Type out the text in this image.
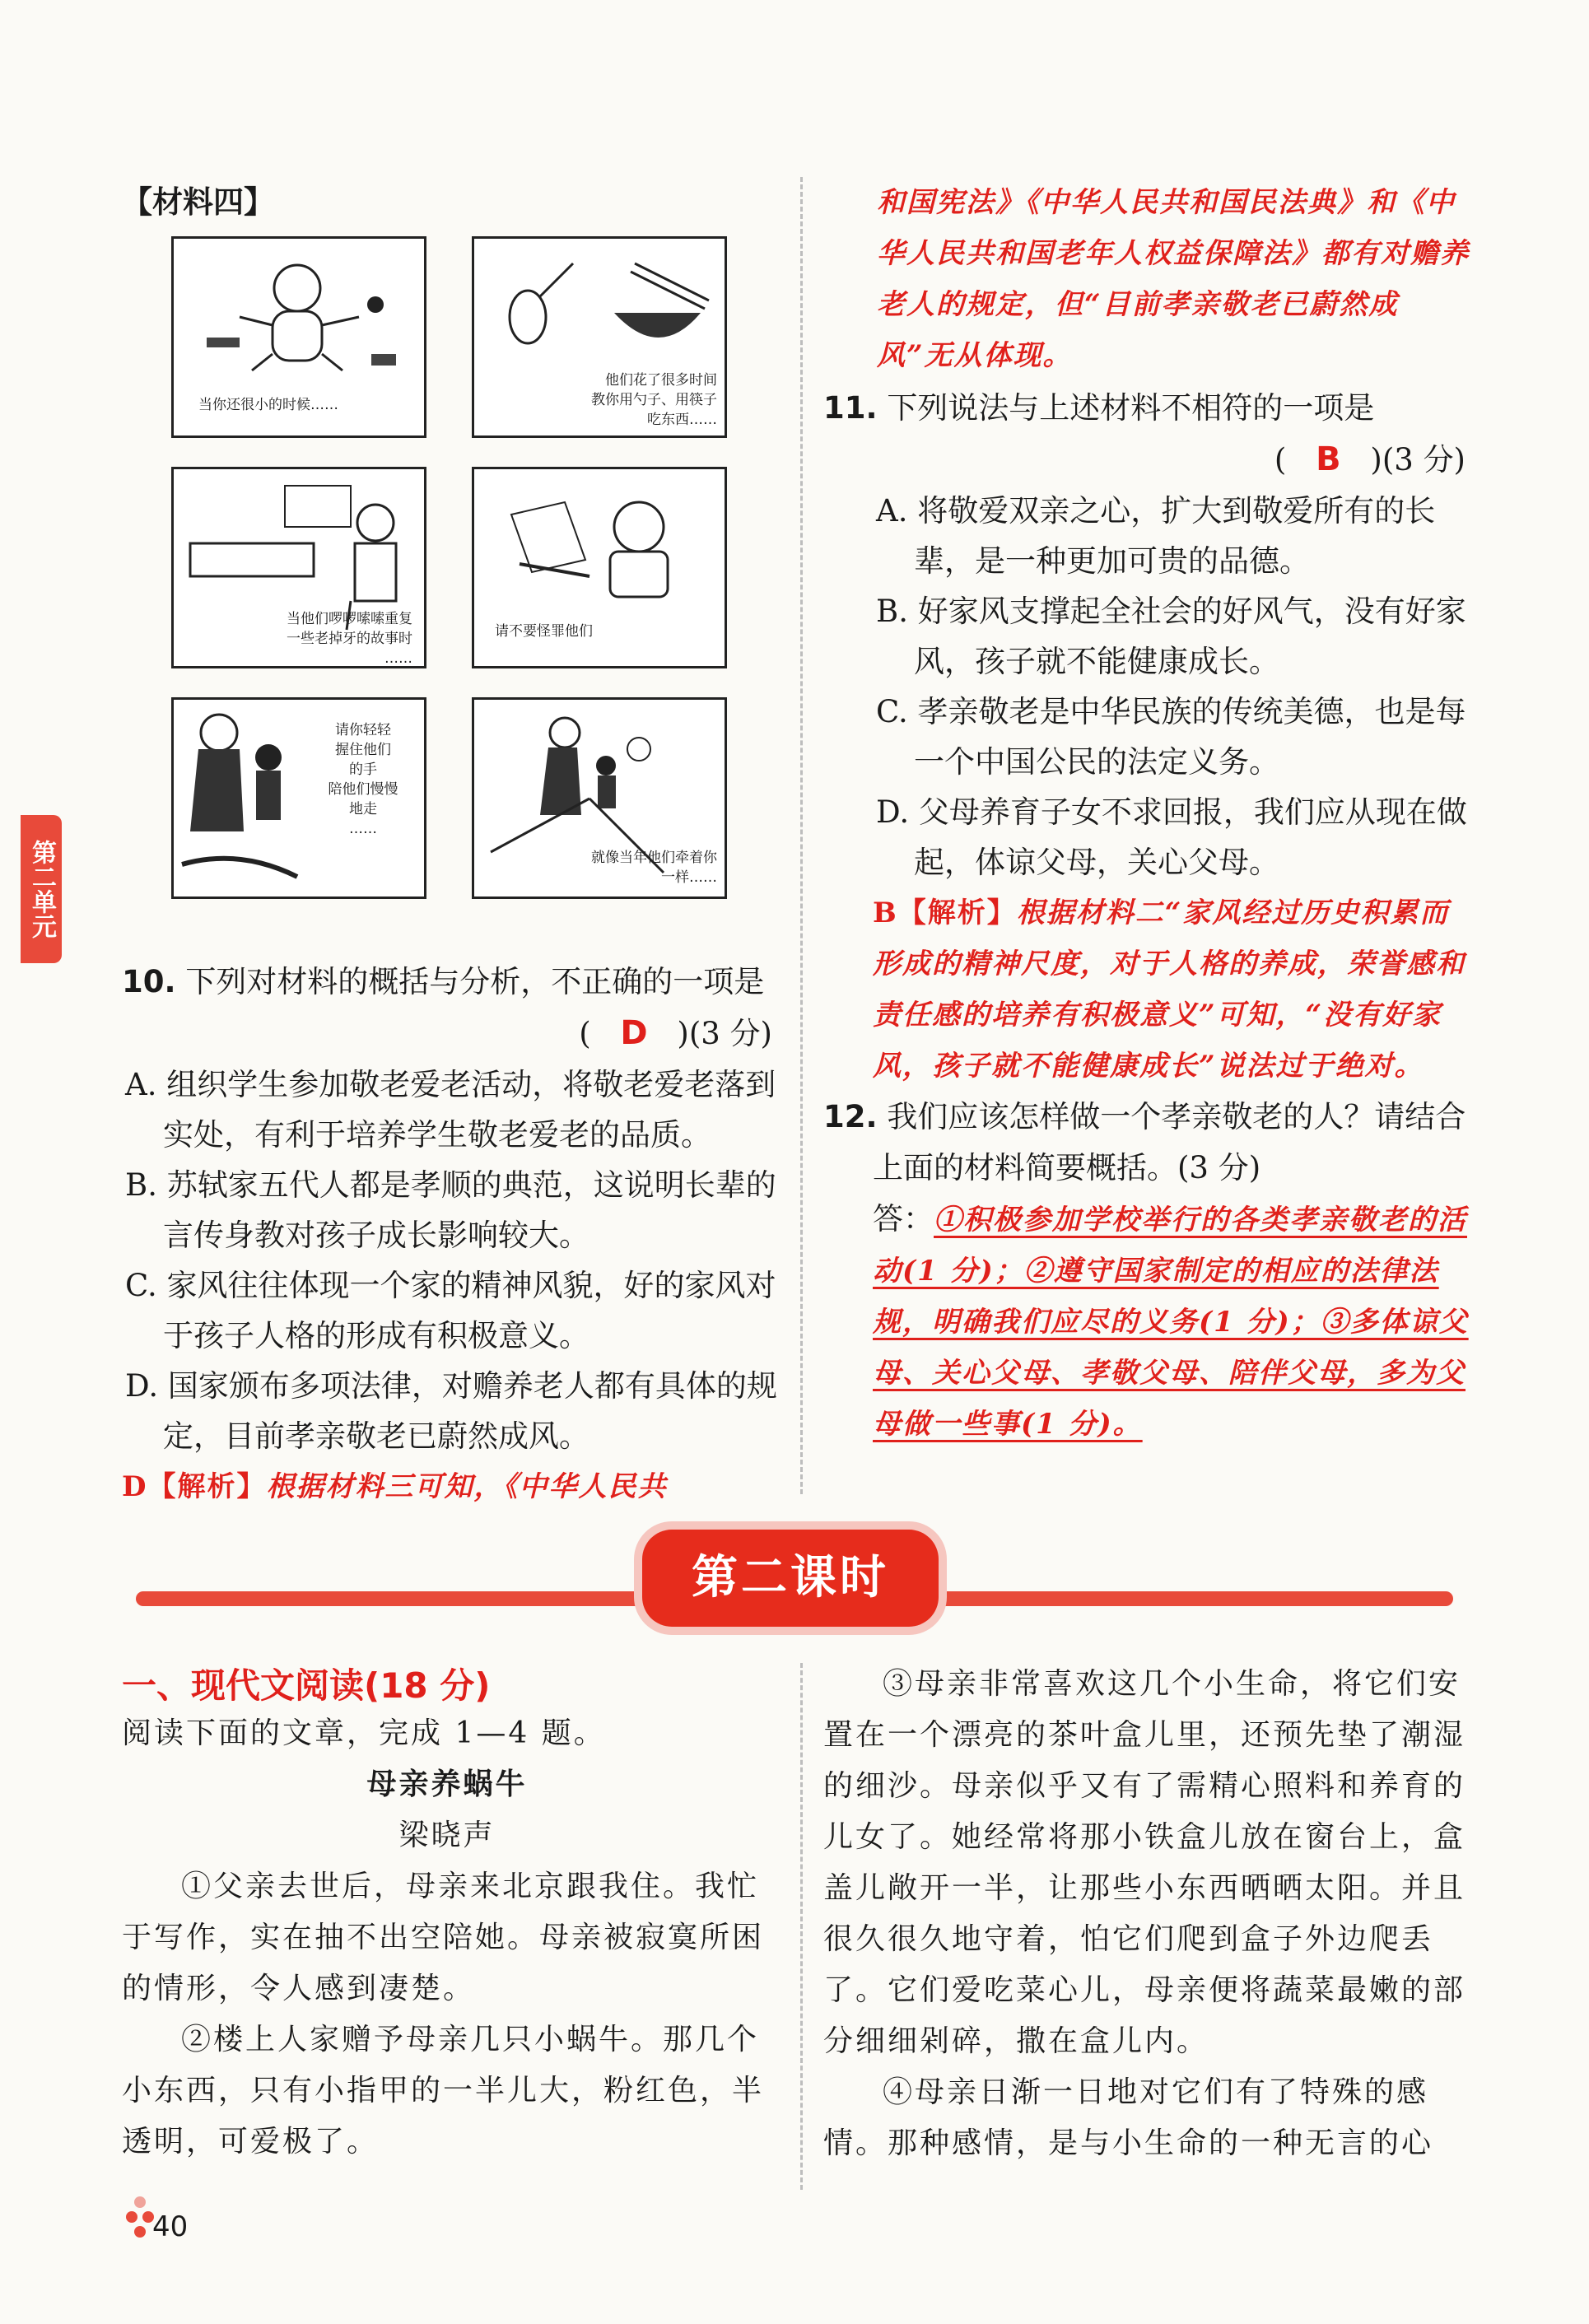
第二单元
【材料四】
当你还很小的时候……
他们花了很多时间
教你用勺子、用筷子
吃东西……
当他们啰啰嗦嗦重复
一些老掉牙的故事时
……
请不要怪罪他们
请你轻轻
握住他们
的手
陪他们慢慢
地走
……
就像当年他们牵着你
一样……
10. 下列对材料的概括与分析，不正确的一项是
( D )(3 分)
A. 组织学生参加敬老爱老活动，将敬老爱老落到实处，有利于培养学生敬老爱老的品质。
B. 苏轼家五代人都是孝顺的典范，这说明长辈的言传身教对孩子成长影响较大。
C. 家风往往体现一个家的精神风貌，好的家风对于孩子人格的形成有积极意义。
D. 国家颁布多项法律，对赡养老人都有具体的规定，目前孝亲敬老已蔚然成风。
D【解析】根据材料三可知，《中华人民共
和国宪法》《中华人民共和国民法典》和《中华人民共和国老年人权益保障法》都有对赡养老人的规定，但“目前孝亲敬老已蔚然成风”无从体现。
11. 下列说法与上述材料不相符的一项是
( B )(3 分)
A. 将敬爱双亲之心，扩大到敬爱所有的长辈，是一种更加可贵的品德。
B. 好家风支撑起全社会的好风气，没有好家风，孩子就不能健康成长。
C. 孝亲敬老是中华民族的传统美德，也是每一个中国公民的法定义务。
D. 父母养育子女不求回报，我们应从现在做起，体谅父母，关心父母。
B【解析】根据材料二“家风经过历史积累而形成的精神尺度，对于人格的养成，荣誉感和责任感的培养有积极意义”可知，“没有好家风，孩子就不能健康成长”说法过于绝对。
12. 我们应该怎样做一个孝亲敬老的人？请结合上面的材料简要概括。(3 分)
答：①积极参加学校举行的各类孝亲敬老的活动(1 分)；②遵守国家制定的相应的法律法规，明确我们应尽的义务(1 分)；③多体谅父母、关心父母、孝敬父母、陪伴父母，多为父母做一些事(1 分)。
第二课时
一、现代文阅读(18 分)
阅读下面的文章，完成 1—4 题。
母亲养蜗牛
梁晓声
①父亲去世后，母亲来北京跟我住。我忙于写作，实在抽不出空陪她。母亲被寂寞所困的情形，令人感到凄楚。
②楼上人家赠予母亲几只小蜗牛。那几个小东西，只有小指甲的一半儿大，粉红色，半透明，可爱极了。
③母亲非常喜欢这几个小生命，将它们安置在一个漂亮的茶叶盒儿里，还预先垫了潮湿的细沙。母亲似乎又有了需精心照料和养育的儿女了。她经常将那小铁盒儿放在窗台上，盒盖儿敞开一半，让那些小东西晒晒太阳。并且很久很久地守着，怕它们爬到盒子外边爬丢了。它们爱吃菜心儿，母亲便将蔬菜最嫩的部分细细剁碎，撒在盒儿内。
④母亲日渐一日地对它们有了特殊的感情。那种感情，是与小生命的一种无言的心
40
